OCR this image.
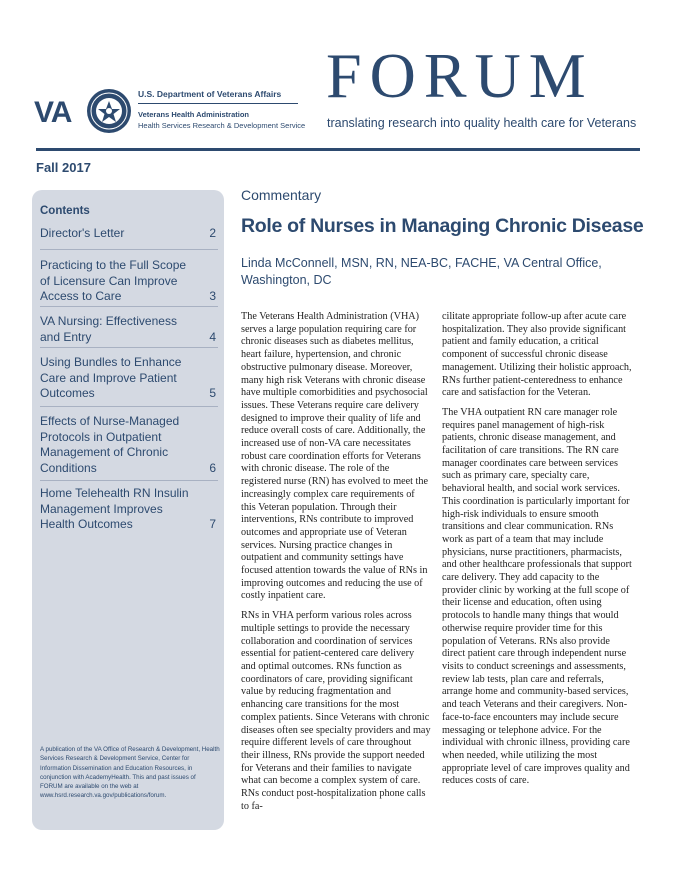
VA
U.S. Department of Veterans Affairs
Veterans Health Administration
Health Services Research & Development Service
FORUM
translating research into quality health care for Veterans
Fall 2017
Contents
Director's Letter	2
Practicing to the Full Scope of Licensure Can Improve Access to Care	3
VA Nursing: Effectiveness and Entry	4
Using Bundles to Enhance Care and Improve Patient Outcomes	5
Effects of Nurse-Managed Protocols in Outpatient Management of Chronic Conditions	6
Home Telehealth RN Insulin Management Improves Health Outcomes	7
A publication of the VA Office of Research & Development, Health Services Research & Development Service, Center for Information Dissemination and Education Resources, in conjunction with AcademyHealth. This and past issues of FORUM are available on the web at www.hsrd.research.va.gov/publications/forum.
Commentary
Role of Nurses in Managing Chronic Disease
Linda McConnell, MSN, RN, NEA-BC, FACHE, VA Central Office, Washington, DC

The Veterans Health Administration (VHA) serves a large population requiring care for chronic diseases such as diabetes mellitus, heart failure, hypertension, and chronic obstructive pulmonary disease. Moreover, many high risk Veterans with chronic disease have multiple comorbidities and psychosocial issues. These Veterans require care delivery designed to improve their quality of life and reduce overall costs of care. Additionally, the increased use of non-VA care necessitates robust care coordination efforts for Veterans with chronic disease. The role of the registered nurse (RN) has evolved to meet the increasingly complex care requirements of this Veteran population. Through their interventions, RNs contribute to improved outcomes and appropriate use of Veteran services. Nursing practice changes in outpatient and community settings have focused attention towards the value of RNs in improving outcomes and reducing the use of costly inpatient care.

RNs in VHA perform various roles across multiple settings to provide the necessary collaboration and coordination of services essential for patient-centered care delivery and optimal outcomes. RNs function as coordinators of care, providing significant value by reducing fragmentation and enhancing care transitions for the most complex patients. Since Veterans with chronic diseases often see specialty providers and may require different levels of care throughout their illness, RNs provide the support needed for Veterans and their families to navigate what can become a complex system of care. RNs conduct post-hospitalization phone calls to fa-

cilitate appropriate follow-up after acute care hospitalization. They also provide significant patient and family education, a critical component of successful chronic disease management. Utilizing their holistic approach, RNs further patient-centeredness to enhance care and satisfaction for the Veteran.

The VHA outpatient RN care manager role requires panel management of high-risk patients, chronic disease management, and facilitation of care transitions. The RN care manager coordinates care between services such as primary care, specialty care, behavioral health, and social work services. This coordination is particularly important for high-risk individuals to ensure smooth transitions and clear communication. RNs work as part of a team that may include physicians, nurse practitioners, pharmacists, and other healthcare professionals that support care delivery. They add capacity to the provider clinic by working at the full scope of their license and education, often using protocols to handle many things that would otherwise require provider time for this population of Veterans. RNs also provide direct patient care through independent nurse visits to conduct screenings and assessments, review lab tests, plan care and referrals, arrange home and community-based services, and teach Veterans and their caregivers. Non-face-to-face encounters may include secure messaging or telephone advice. For the individual with chronic illness, providing care when needed, while utilizing the most appropriate level of care improves quality and reduces costs of care.
